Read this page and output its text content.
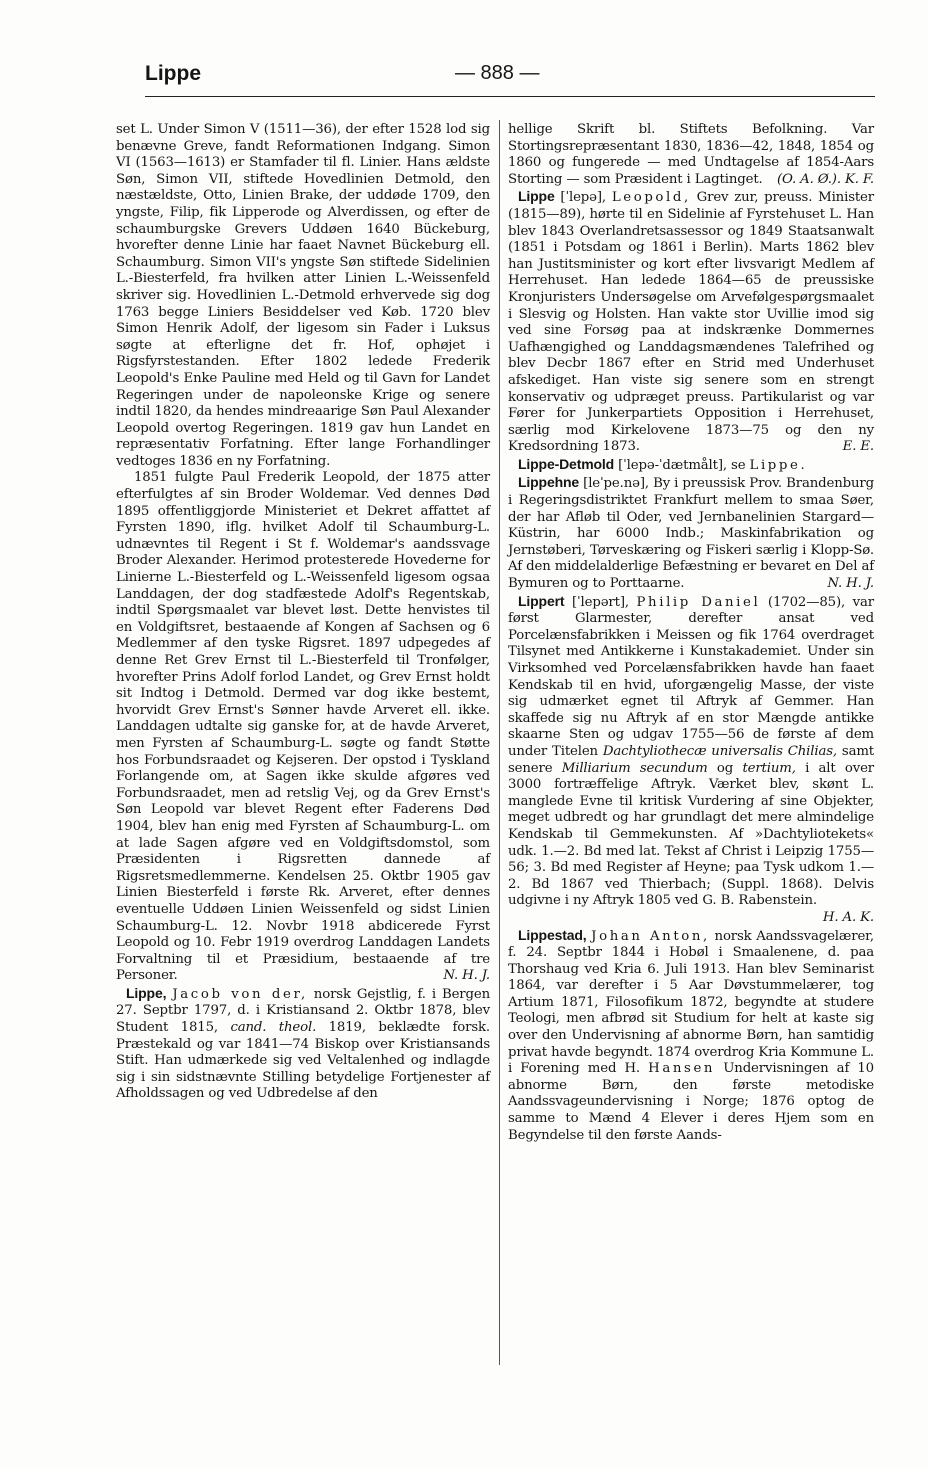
Lippe	— 888 —

set L. Under Simon V (1511—36), der efter 1528 lod sig benævne Greve, fandt Reformationen Indgang. Simon VI (1563—1613) er Stamfader til fl. Linier. Hans ældste Søn, Simon VII, stiftede Hovedlinien Detmold, den næstældste, Otto, Linien Brake, der uddøde 1709, den yngste, Filip, fik Lipperode og Alverdissen, og efter de schaumburgske Grevers Uddøen 1640 Bückeburg, hvorefter denne Linie har faaet Navnet Bückeburg ell. Schaumburg. Simon VII's yngste Søn stiftede Sidelinien L.-Biesterfeld, fra hvilken atter Linien L.-Weissenfeld skriver sig. Hovedlinien L.-Detmold erhvervede sig dog 1763 begge Liniers Besiddelser ved Køb. 1720 blev Simon Henrik Adolf, der ligesom sin Fader i Luksus søgte at efterligne det fr. Hof, ophøjet i Rigsfyrstestanden. Efter 1802 ledede Frederik Leopold's Enke Pauline med Held og til Gavn for Landet Regeringen under de napoleonske Krige og senere indtil 1820, da hendes mindreaarige Søn Paul Alexander Leopold overtog Regeringen. 1819 gav hun Landet en repræsentativ Forfatning. Efter lange Forhandlinger vedtoges 1836 en ny Forfatning.

1851 fulgte Paul Frederik Leopold, der 1875 atter efterfulgtes af sin Broder Woldemar. Ved dennes Død 1895 offentliggjorde Ministeriet et Dekret affattet af Fyrsten 1890, iflg. hvilket Adolf til Schaumburg-L. udnævntes til Regent i St f. Woldemar's aandssvage Broder Alexander. Herimod protesterede Hovederne for Linierne L.-Biesterfeld og L.-Weissenfeld ligesom ogsaa Landdagen, der dog stadfæstede Adolf's Regentskab, indtil Spørgsmaalet var blevet løst. Dette henvistes til en Voldgiftsret, bestaaende af Kongen af Sachsen og 6 Medlemmer af den tyske Rigsret. 1897 udpegedes af denne Ret Grev Ernst til L.-Biesterfeld til Tronfølger, hvorefter Prins Adolf forlod Landet, og Grev Ernst holdt sit Indtog i Detmold. Dermed var dog ikke bestemt, hvorvidt Grev Ernst's Sønner havde Arveret ell. ikke. Landdagen udtalte sig ganske for, at de havde Arveret, men Fyrsten af Schaumburg-L. søgte og fandt Støtte hos Forbundsraadet og Kejseren. Der opstod i Tyskland Forlangende om, at Sagen ikke skulde afgøres ved Forbundsraadet, men ad retslig Vej, og da Grev Ernst's Søn Leopold var blevet Regent efter Faderens Død 1904, blev han enig med Fyrsten af Schaumburg-L. om at lade Sagen afgøre ved en Voldgiftsdomstol, som Præsidenten i Rigsretten dannede af Rigsretsmedlemmerne. Kendelsen 25. Oktbr 1905 gav Linien Biesterfeld i første Rk. Arveret, efter dennes eventuelle Uddøen Linien Weissenfeld og sidst Linien Schaumburg-L. 12. Novbr 1918 abdicerede Fyrst Leopold og 10. Febr 1919 overdrog Landdagen Landets Forvaltning til et Præsidium, bestaaende af tre Personer.	N. H. J.

Lippe, Jacob von der, norsk Gejstlig, f. i Bergen 27. Septbr 1797, d. i Kristiansand 2. Oktbr 1878, blev Student 1815, cand. theol. 1819, beklædte forsk. Præstekald og var 1841—74 Biskop over Kristiansands Stift. Han udmærkede sig ved Veltalenhed og indlagde sig i sin sidstnævnte Stilling betydelige Fortjenester af Afholdssagen og ved Udbredelse af den

hellige Skrift bl. Stiftets Befolkning. Var Stortingsrepræsentant 1830, 1836—42, 1848, 1854 og 1860 og fungerede — med Undtagelse af 1854-Aars Storting — som Præsident i Lagtinget. (O. A. Ø.). K. F.

Lippe [ˈlepə], Leopold, Grev zur, preuss. Minister (1815—89), hørte til en Sidelinie af Fyrstehuset L. Han blev 1843 Overlandretsassessor og 1849 Staatsanwalt (1851 i Potsdam og 1861 i Berlin). Marts 1862 blev han Justitsminister og kort efter livsvarigt Medlem af Herrehuset. Han ledede 1864—65 de preussiske Kronjuristers Undersøgelse om Arvefølgespørgsmaalet i Slesvig og Holsten. Han vakte stor Uvillie imod sig ved sine Forsøg paa at indskrænke Dommernes Uafhængighed og Landdagsmændenes Talefrihed og blev Decbr 1867 efter en Strid med Underhuset afskediget. Han viste sig senere som en strengt konservativ og udpræget preuss. Partikularist og var Fører for Junkerpartiets Opposition i Herrehuset, særlig mod Kirkelovene 1873—75 og den ny Kredsordning 1873.	E. E.

Lippe-Detmold [ˈlepə-ˈdætmålt], se Lippe.

Lippehne [leˈpe.nə], By i preussisk Prov. Brandenburg i Regeringsdistriktet Frankfurt mellem to smaa Søer, der har Afløb til Oder, ved Jernbanelinien Stargard—Küstrin, har 6000 Indb.; Maskinfabrikation og Jernstøberi, Tørveskæring og Fiskeri særlig i Klopp-Sø. Af den middelalderlige Befæstning er bevaret en Del af Bymuren og to Porttaarne.	N. H. J.

Lippert [ˈlepərt], Philip Daniel (1702—85), var først Glarmester, derefter ansat ved Porcelænsfabrikken i Meissen og fik 1764 overdraget Tilsynet med Antikkerne i Kunstakademiet. Under sin Virksomhed ved Porcelænsfabrikken havde han faaet Kendskab til en hvid, uforgængelig Masse, der viste sig udmærket egnet til Aftryk af Gemmer. Han skaffede sig nu Aftryk af en stor Mængde antikke skaarne Sten og udgav 1755—56 de første af dem under Titelen Dachtyliothecæ universalis Chilias, samt senere Milliarium secundum og tertium, i alt over 3000 fortræffelige Aftryk. Værket blev, skønt L. manglede Evne til kritisk Vurdering af sine Objekter, meget udbredt og har grundlagt det mere almindelige Kendskab til Gemmekunsten. Af »Dachtyliotekets« udk. 1.—2. Bd med lat. Tekst af Christ i Leipzig 1755—56; 3. Bd med Register af Heyne; paa Tysk udkom 1.—2. Bd 1867 ved Thierbach; (Suppl. 1868). Delvis udgivne i ny Aftryk 1805 ved G. B. Rabenstein.
H. A. K.

Lippestad, Johan Anton, norsk Aandssvagelærer, f. 24. Septbr 1844 i Hobøl i Smaalenene, d. paa Thorshaug ved Kria 6. Juli 1913. Han blev Seminarist 1864, var derefter i 5 Aar Døvstummelærer, tog Artium 1871, Filosofikum 1872, begyndte at studere Teologi, men afbrød sit Studium for helt at kaste sig over den Undervisning af abnorme Børn, han samtidig privat havde begyndt. 1874 overdrog Kria Kommune L. i Forening med H. Hansen Undervisningen af 10 abnorme Børn, den første metodiske Aandssvageundervisning i Norge; 1876 optog de samme to Mænd 4 Elever i deres Hjem som en Begyndelse til den første Aands-
